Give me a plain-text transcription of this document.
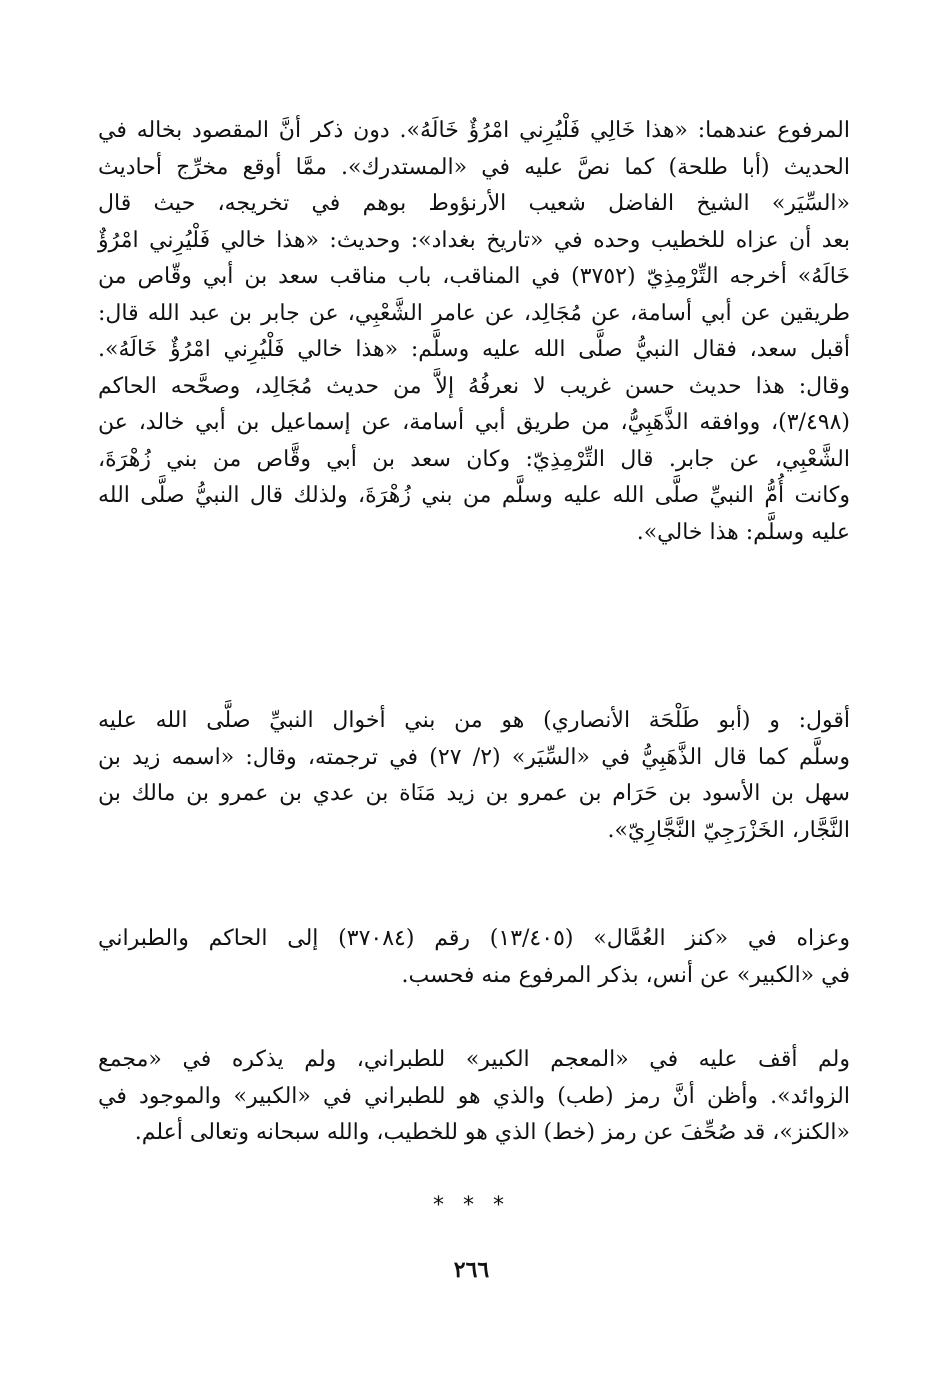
المرفوع عندهما: «هذا خَالِي فَلْيُرِني امْرُؤٌ خَالَهُ». دون ذكر أنَّ المقصود بخاله في
الحديث (أبا طلحة) كما نصَّ عليه في «المستدرك». ممَّا أوقع مخرِّج أحاديث
«السِّيَر» الشيخ الفاضل شعيب الأرنؤوط بوهم في تخريجه، حيث قال
بعد أن عزاه للخطيب وحده في «تاريخ بغداد»: وحديث: «هذا خالي فَلْيُرِني امْرُؤٌ
خَالَهُ» أخرجه التِّرْمِذِيّ (٣٧٥٢) في المناقب، باب مناقب سعد بن أبي وقّاص من
طريقين عن أبي أسامة، عن مُجَالِد، عن عامر الشَّعْبِي، عن جابر بن عبد الله قال:
أقبل سعد، فقال النبيُّ صلَّى الله عليه وسلَّم: «هذا خالي فَلْيُرِني امْرُؤٌ خَالَهُ».
وقال: هذا حديث حسن غريب لا نعرفُهُ إلاَّ من حديث مُجَالِد، وصحَّحه الحاكم
(٣/٤٩٨)، ووافقه الذَّهَبِيُّ، من طريق أبي أسامة، عن إسماعيل بن أبي خالد، عن
الشَّعْبِي، عن جابر. قال التِّرْمِذِيّ: وكان سعد بن أبي وقَّاص من بني زُهْرَةَ،
وكانت أُمُّ النبيِّ صلَّى الله عليه وسلَّم من بني زُهْرَةَ، ولذلك قال النبيُّ صلَّى الله
عليه وسلَّم: هذا خالي».
أقول: و (أبو طَلْحَة الأنصاري) هو من بني أخوال النبيِّ صلَّى الله عليه
وسلَّم كما قال الذَّهَبِيُّ في «السِّيَر» (٢/ ٢٧) في ترجمته، وقال: «اسمه زيد بن
سهل بن الأسود بن حَرَام بن عمرو بن زيد مَنَاة بن عدي بن عمرو بن مالك بن
النَّجَّار، الخَزْرَجِيّ النَّجَّارِيّ».
وعزاه في «كنز العُمَّال» (١٣/٤٠٥) رقم (٣٧٠٨٤) إلى الحاكم والطبراني
في «الكبير» عن أنس، بذكر المرفوع منه فحسب.
ولم أقف عليه في «المعجم الكبير» للطبراني، ولم يذكره في «مجمع
الزوائد». وأظن أنَّ رمز (طب) والذي هو للطبراني في «الكبير» والموجود في
«الكنز»، قد صُحِّفَ عن رمز (خط) الذي هو للخطيب، والله سبحانه وتعالى أعلم.
* * *
٢٦٦
